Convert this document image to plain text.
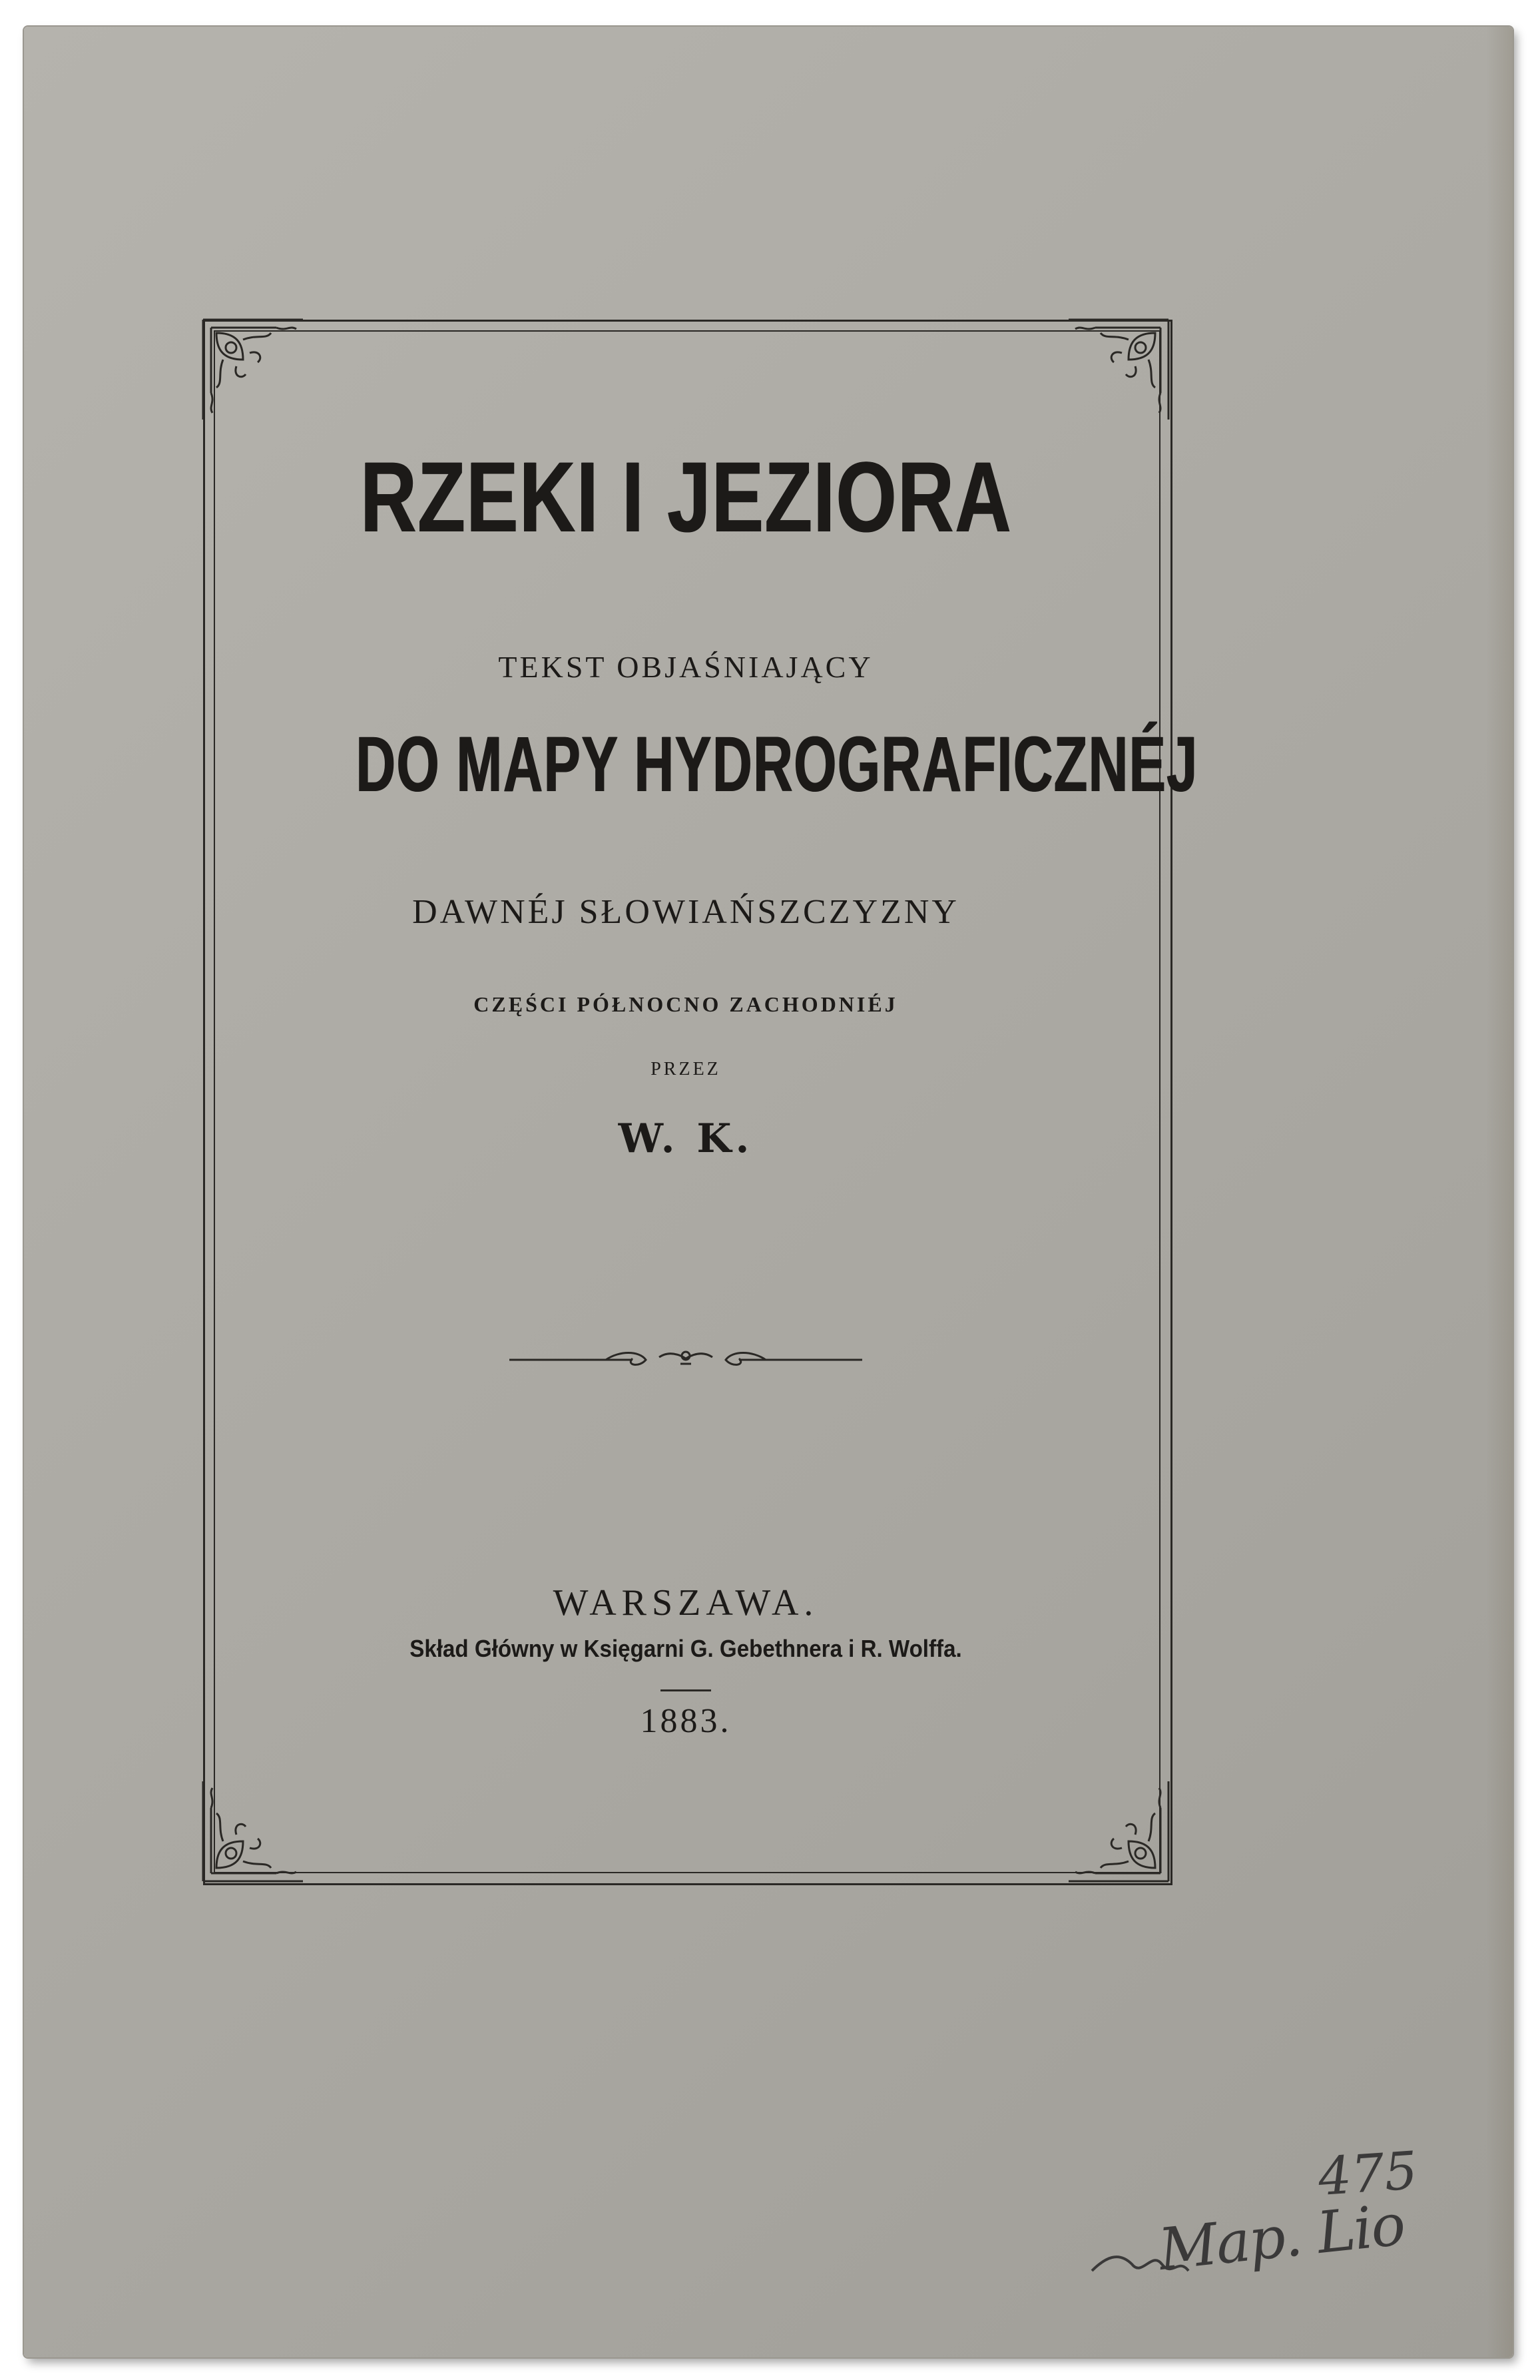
RZEKI I JEZIORA

TEKST OBJAŚNIAJĄCY

DO MAPY HYDROGRAFICZNÉJ

DAWNÉJ SŁOWIAŃSZCZYZNY

CZĘŚCI PÓŁNOCNO ZACHODNIÉJ

PRZEZ

W. K.

WARSZAWA.

Skład Główny w Księgarni G. Gebethnera i R. Wolffa.

1883.

475
Map. Lio
